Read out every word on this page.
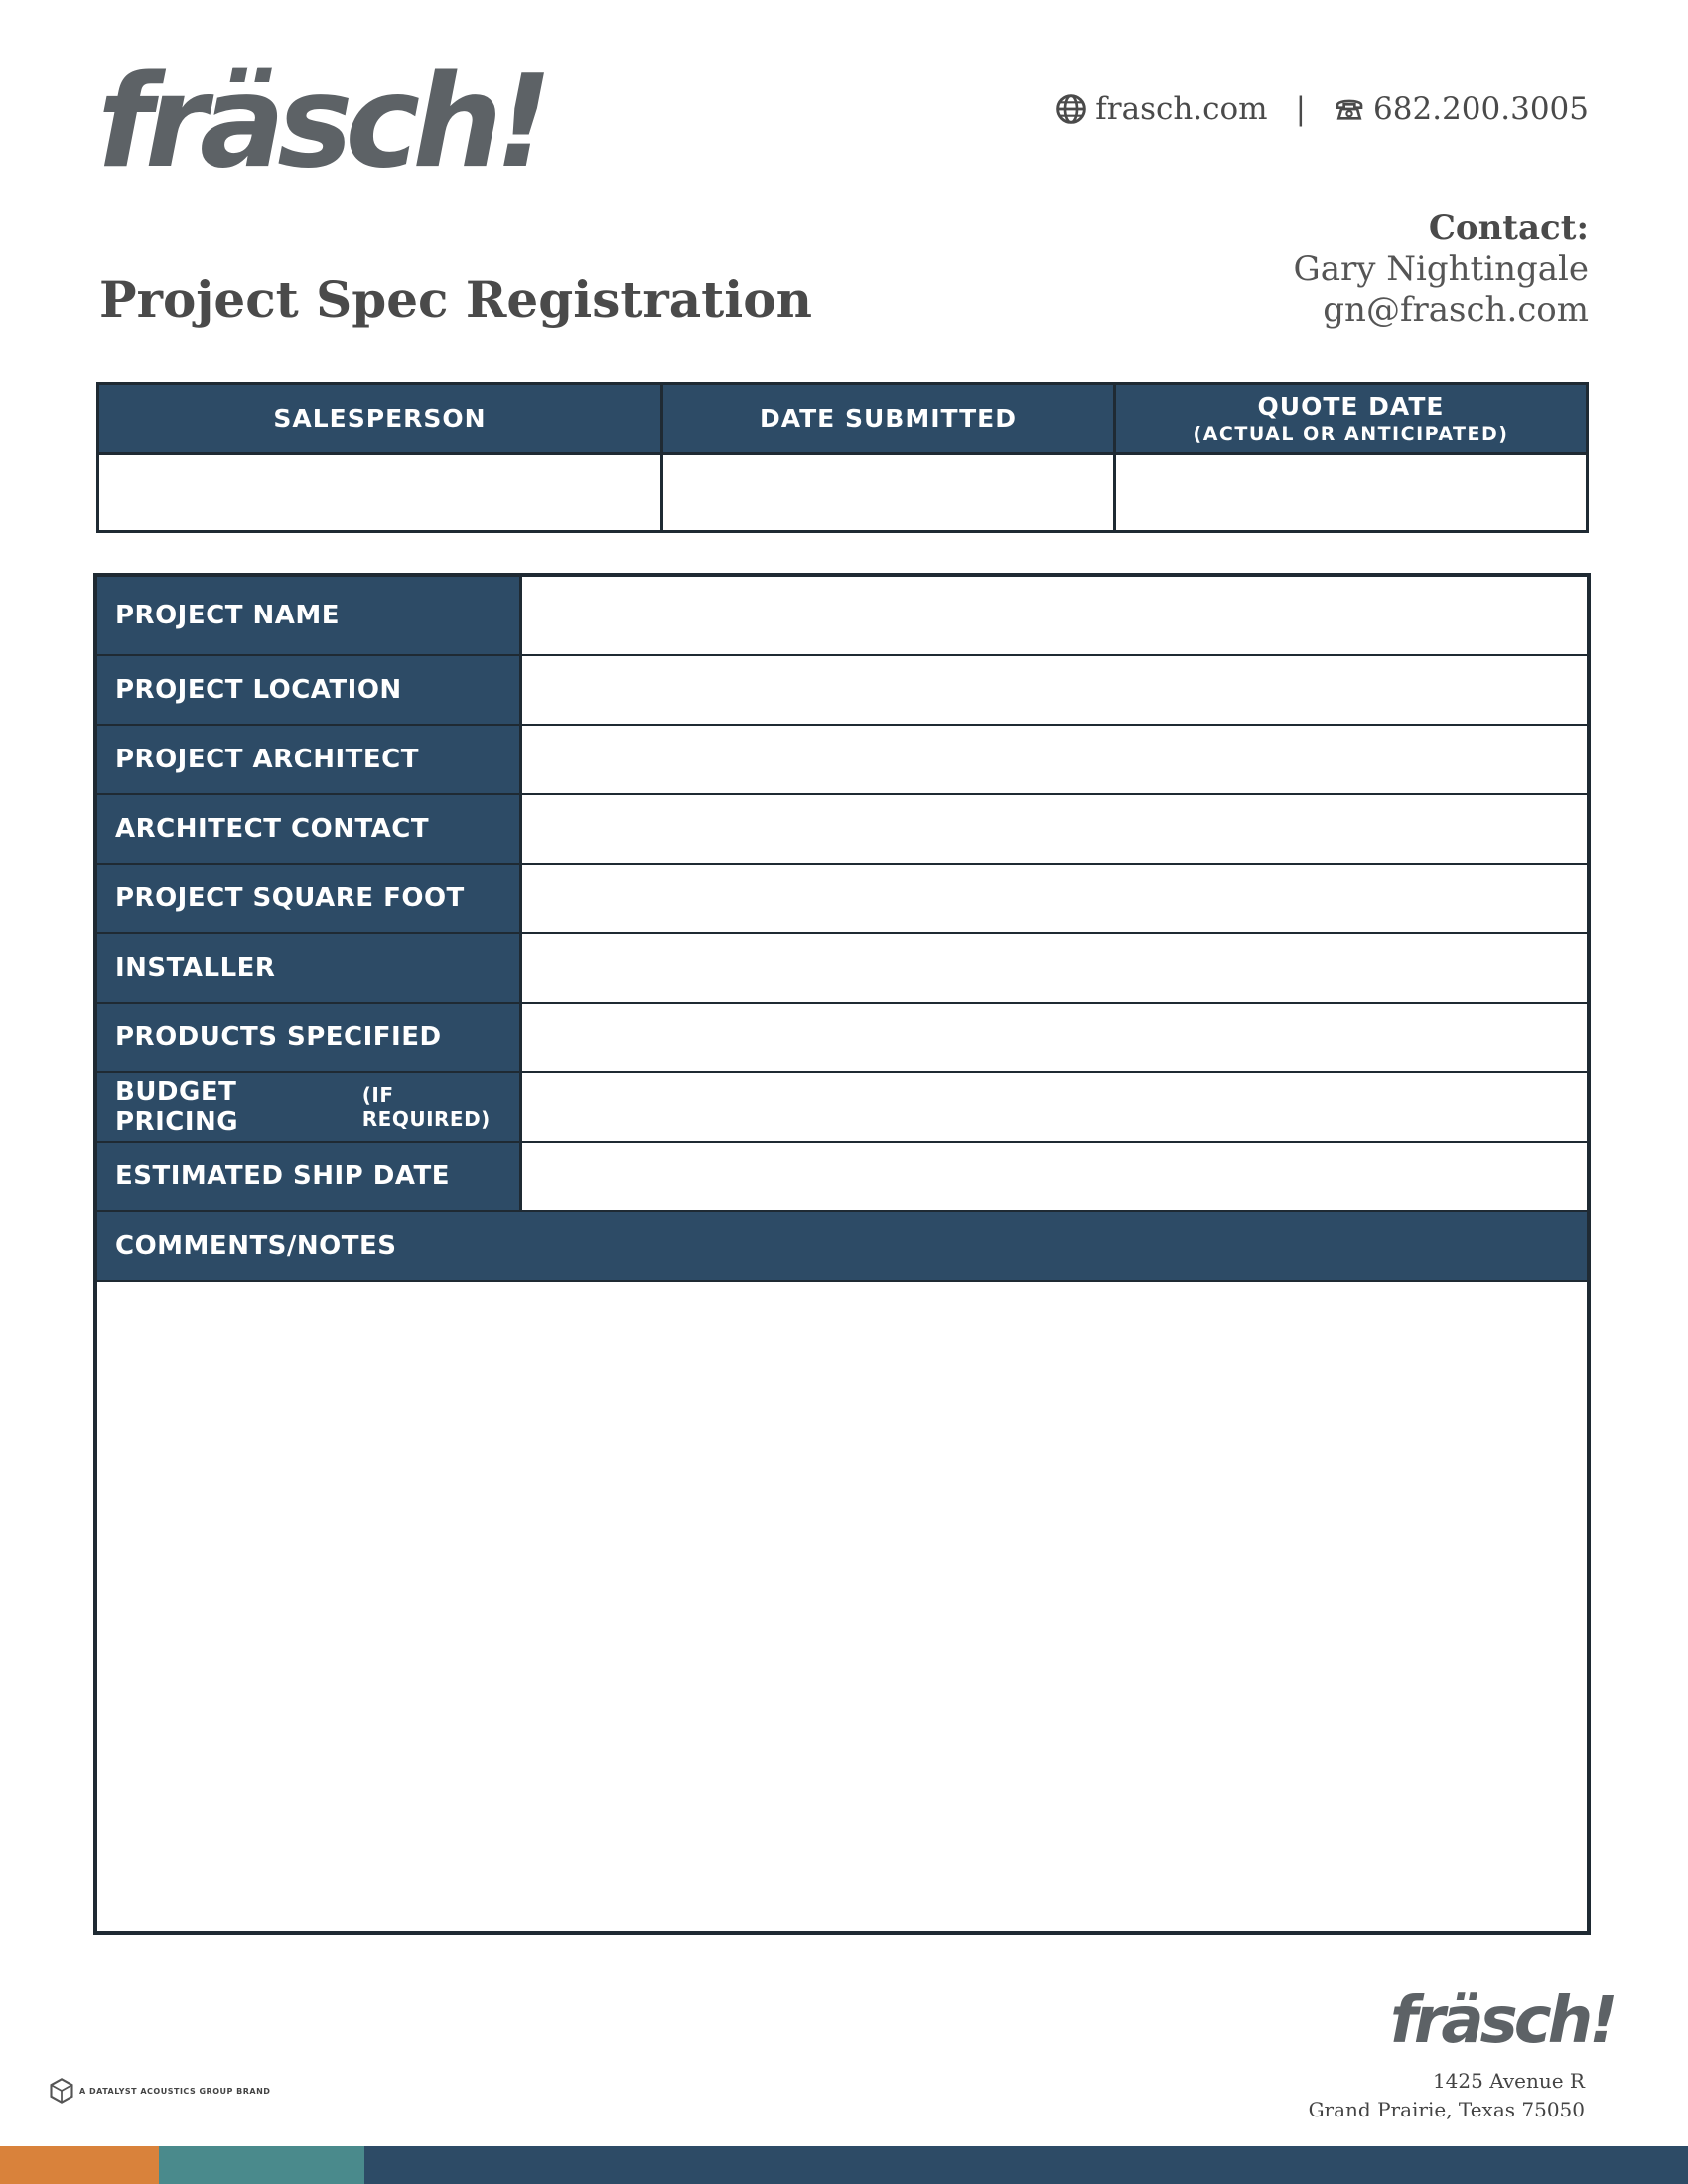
fräsch!	frasch.com | 682.200.3005
Contact:
Gary Nightingale
gn@frasch.com
Project Spec Registration
SALESPERSON	DATE SUBMITTED	QUOTE DATE
(ACTUAL OR ANTICIPATED)
PROJECT NAME
PROJECT LOCATION
PROJECT ARCHITECT
ARCHITECT CONTACT
PROJECT SQUARE FOOT
INSTALLER
PRODUCTS SPECIFIED
BUDGET PRICING
(IF REQUIRED)
ESTIMATED SHIP DATE
COMMENTS/NOTES
A DATALYST ACOUSTICS GROUP BRAND
fräsch!
1425 Avenue R
Grand Prairie, Texas 75050
